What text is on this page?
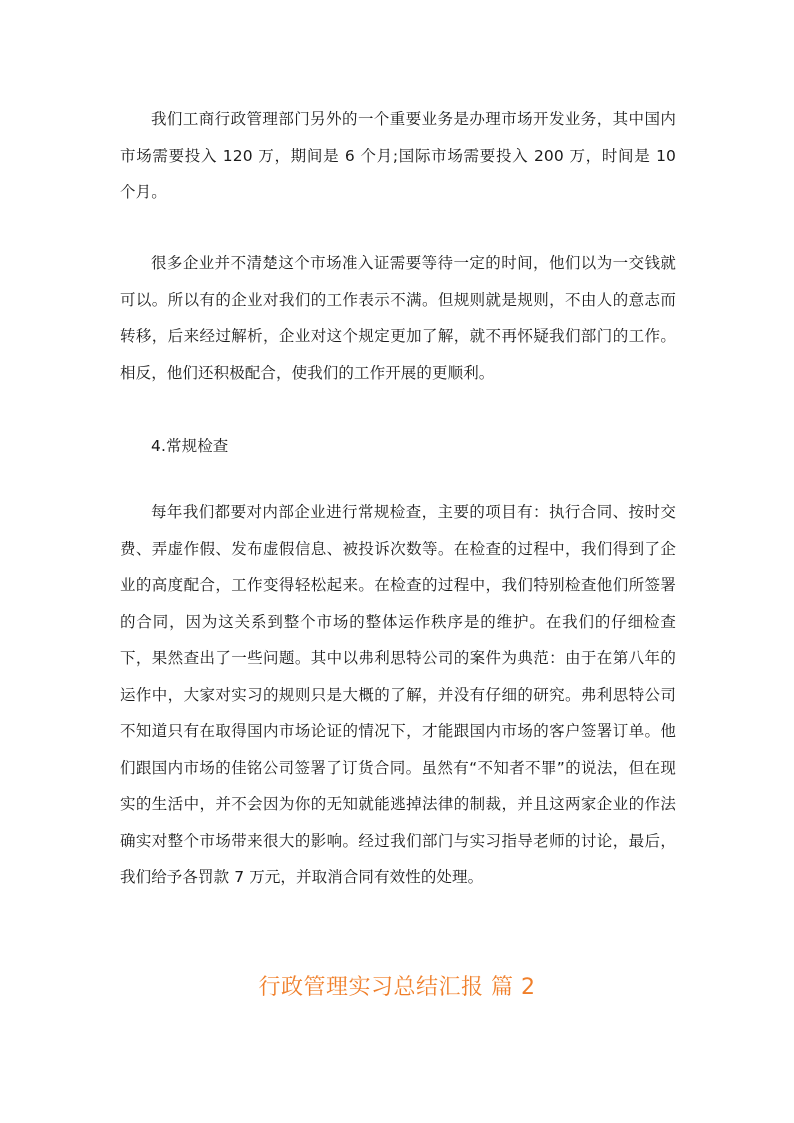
我们工商行政管理部门另外的一个重要业务是办理市场开发业务，其中国内市场需要投入 120 万，期间是 6 个月;国际市场需要投入 200 万，时间是 10 个月。

很多企业并不清楚这个市场准入证需要等待一定的时间，他们以为一交钱就可以。所以有的企业对我们的工作表示不满。但规则就是规则，不由人的意志而转移，后来经过解析，企业对这个规定更加了解，就不再怀疑我们部门的工作。相反，他们还积极配合，使我们的工作开展的更顺利。

4.常规检查

每年我们都要对内部企业进行常规检查，主要的项目有：执行合同、按时交费、弄虚作假、发布虚假信息、被投诉次数等。在检查的过程中，我们得到了企业的高度配合，工作变得轻松起来。在检查的过程中，我们特别检查他们所签署的合同，因为这关系到整个市场的整体运作秩序是的维护。在我们的仔细检查下，果然查出了一些问题。其中以弗利思特公司的案件为典范：由于在第八年的运作中，大家对实习的规则只是大概的了解，并没有仔细的研究。弗利思特公司不知道只有在取得国内市场论证的情况下，才能跟国内市场的客户签署订单。他们跟国内市场的佳铭公司签署了订货合同。虽然有“不知者不罪”的说法，但在现实的生活中，并不会因为你的无知就能逃掉法律的制裁，并且这两家企业的作法确实对整个市场带来很大的影响。经过我们部门与实习指导老师的讨论，最后，我们给予各罚款 7 万元，并取消合同有效性的处理。

行政管理实习总结汇报 篇 2
